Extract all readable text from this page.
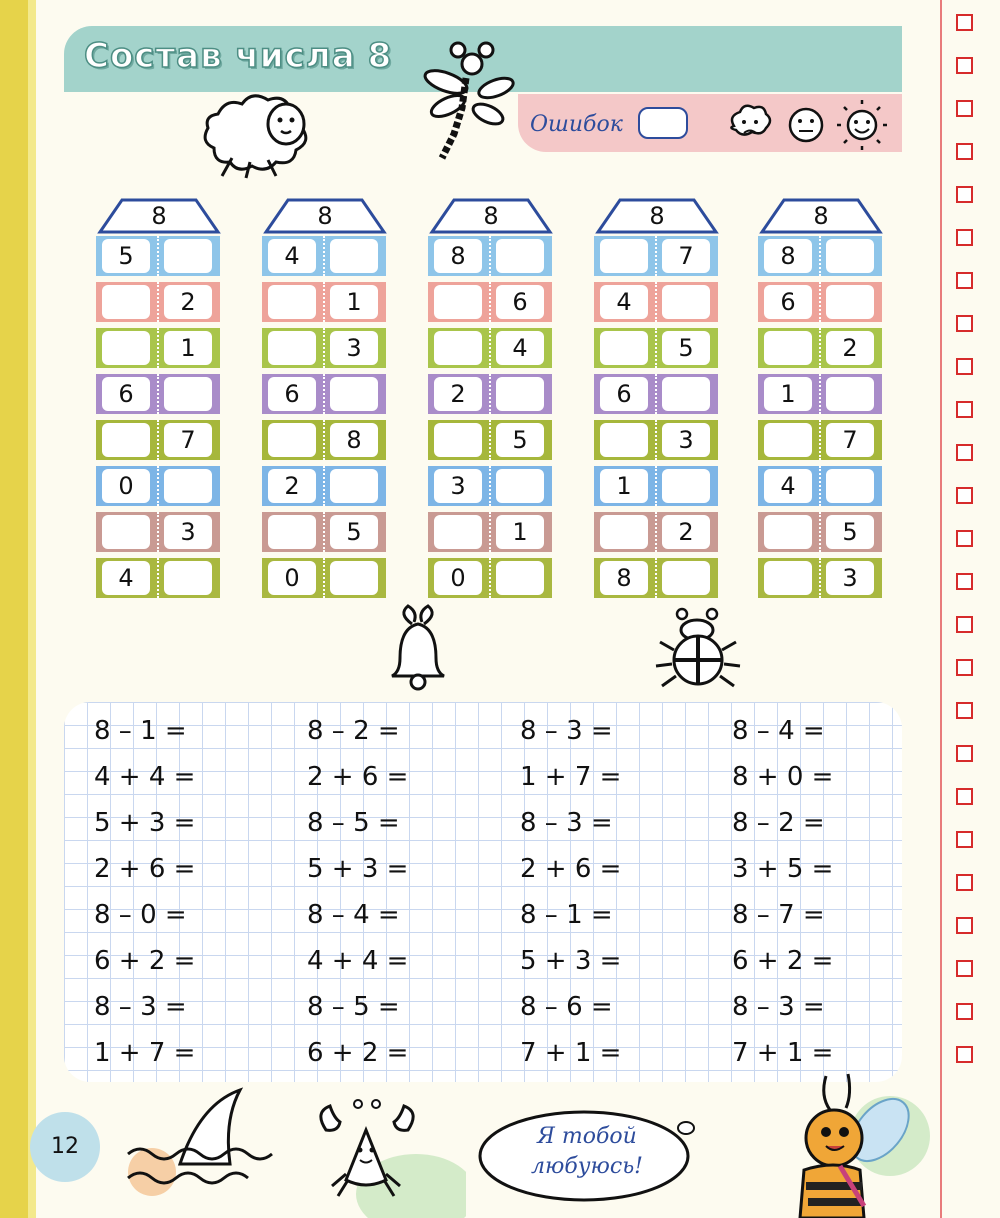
Состав числа 8
Ошибок
8
5
2
1
6
7
0
3
4
8
4
1
3
6
8
2
5
0
8
8
6
4
2
5
3
1
0
8
7
4
5
6
3
1
2
8
8
8
6
2
1
7
4
5
3
8 – 1 =
4 + 4 =
5 + 3 =
2 + 6 =
8 – 0 =
6 + 2 =
8 – 3 =
1 + 7 =
8 – 2 =
2 + 6 =
8 – 5 =
5 + 3 =
8 – 4 =
4 + 4 =
8 – 5 =
6 + 2 =
8 – 3 =
1 + 7 =
8 – 3 =
2 + 6 =
8 – 1 =
5 + 3 =
8 – 6 =
7 + 1 =
8 – 4 =
8 + 0 =
8 – 2 =
3 + 5 =
8 – 7 =
6 + 2 =
8 – 3 =
7 + 1 =
12	Я тобой
любуюсь!
